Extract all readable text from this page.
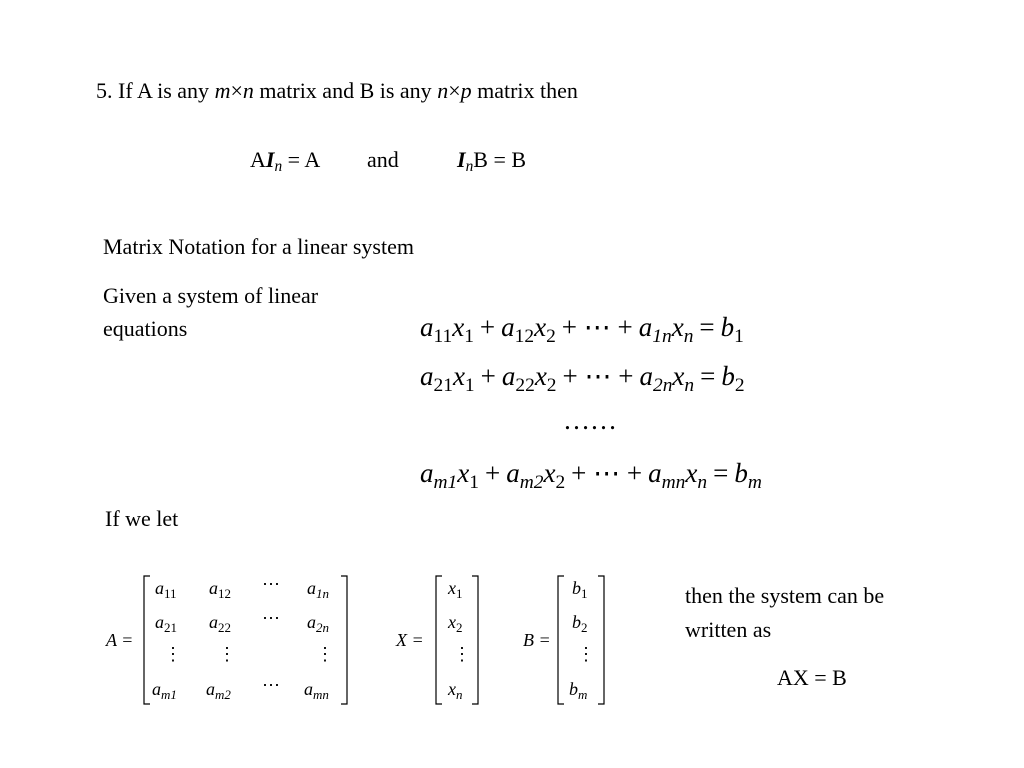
5. If A is any m×n matrix and B is any n×p matrix then
$AI_n = A$ and	$I_nB = B$
Matrix Notation for a linear system
Given a system of linear
equations	$a_{11}x_1 + a_{12}x_2$ + ⋯ + $a_{1n}x_n = b_1$
$a_{21}x_1 + a_{22}x_2$ + ⋯ + $a_{2n}x_n = b_2$
……
$a_{m1}x_1 + a_{m2}x_2$ + ⋯ + $a_{mn}x_n = b_m$
If we let
A =
$a_{11}$ $a_{12}$ ⋯ $a_{1n}$
$a_{21}$ $a_{22}$ ⋯ $a_{2n}$
⋮ ⋮	⋮
$a_{m1}$ $a_{m2}$ ⋯ $a_{mn}$
X =
$x_1$
$x_2$
⋮
$x_n$
B =
$b_1$
$b_2$
⋮
$b_m$
then the system can be
written as
AX = B
